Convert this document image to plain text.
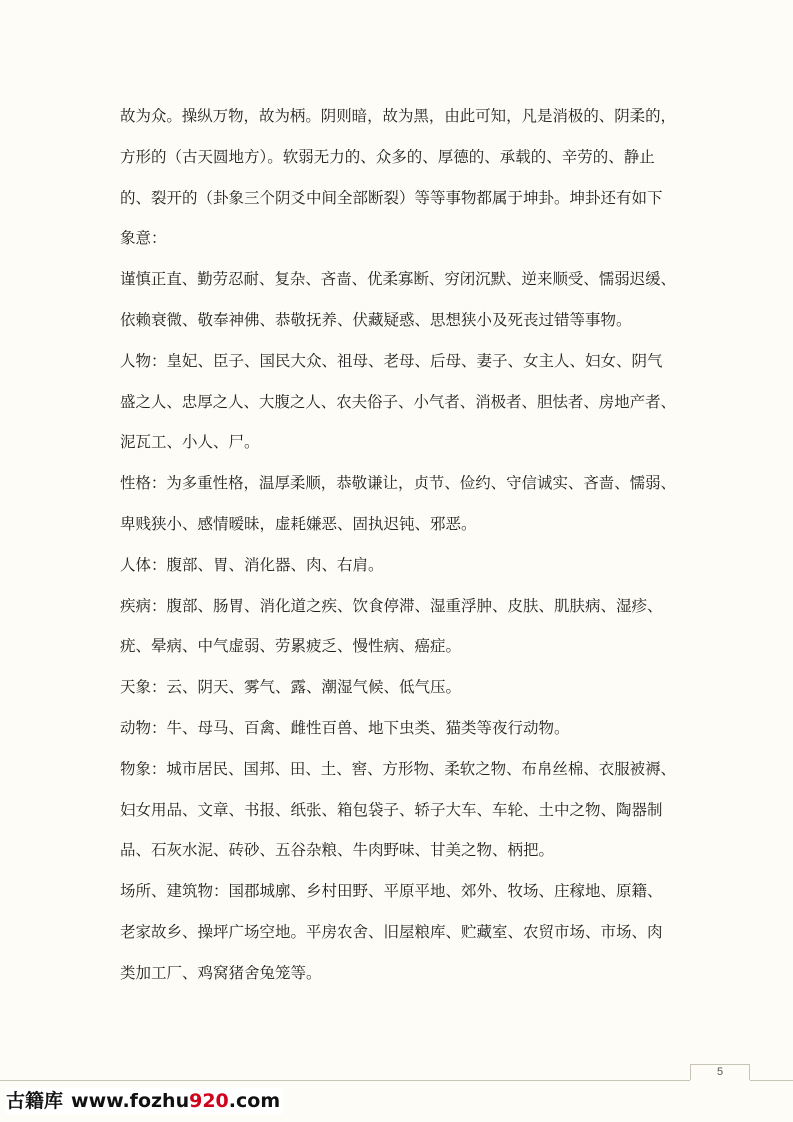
故为众。操纵万物，故为柄。阴则暗，故为黑，由此可知，凡是消极的、阴柔的，
方形的（古天圆地方）。软弱无力的、众多的、厚德的、承载的、辛劳的、静止
的、裂开的（卦象三个阴爻中间全部断裂）等等事物都属于坤卦。坤卦还有如下
象意：
谨慎正直、勤劳忍耐、复杂、吝啬、优柔寡断、穷闭沉默、逆来顺受、懦弱迟缓、
依赖衰微、敬奉神佛、恭敬抚养、伏藏疑惑、思想狭小及死丧过错等事物。
人物：皇妃、臣子、国民大众、祖母、老母、后母、妻子、女主人、妇女、阴气
盛之人、忠厚之人、大腹之人、农夫俗子、小气者、消极者、胆怯者、房地产者、
泥瓦工、小人、尸。
性格：为多重性格，温厚柔顺，恭敬谦让，贞节、俭约、守信诚实、吝啬、懦弱、
卑贱狭小、感情暧昧，虚耗嫌恶、固执迟钝、邪恶。
人体：腹部、胃、消化器、肉、右肩。
疾病：腹部、肠胃、消化道之疾、饮食停滞、湿重浮肿、皮肤、肌肤病、湿疹、
疣、晕病、中气虚弱、劳累疲乏、慢性病、癌症。
天象：云、阴天、雾气、露、潮湿气候、低气压。
动物：牛、母马、百禽、雌性百兽、地下虫类、猫类等夜行动物。
物象：城市居民、国邦、田、土、窖、方形物、柔软之物、布帛丝棉、衣服被褥、
妇女用品、文章、书报、纸张、箱包袋子、轿子大车、车轮、土中之物、陶器制
品、石灰水泥、砖砂、五谷杂粮、牛肉野味、甘美之物、柄把。
场所、建筑物：国郡城廓、乡村田野、平原平地、郊外、牧场、庄稼地、原籍、
老家故乡、操坪广场空地。平房农舍、旧屋粮库、贮藏室、农贸市场、市场、肉
类加工厂、鸡窝猪舍兔笼等。
5
古籍库 www.fozhu920.com
